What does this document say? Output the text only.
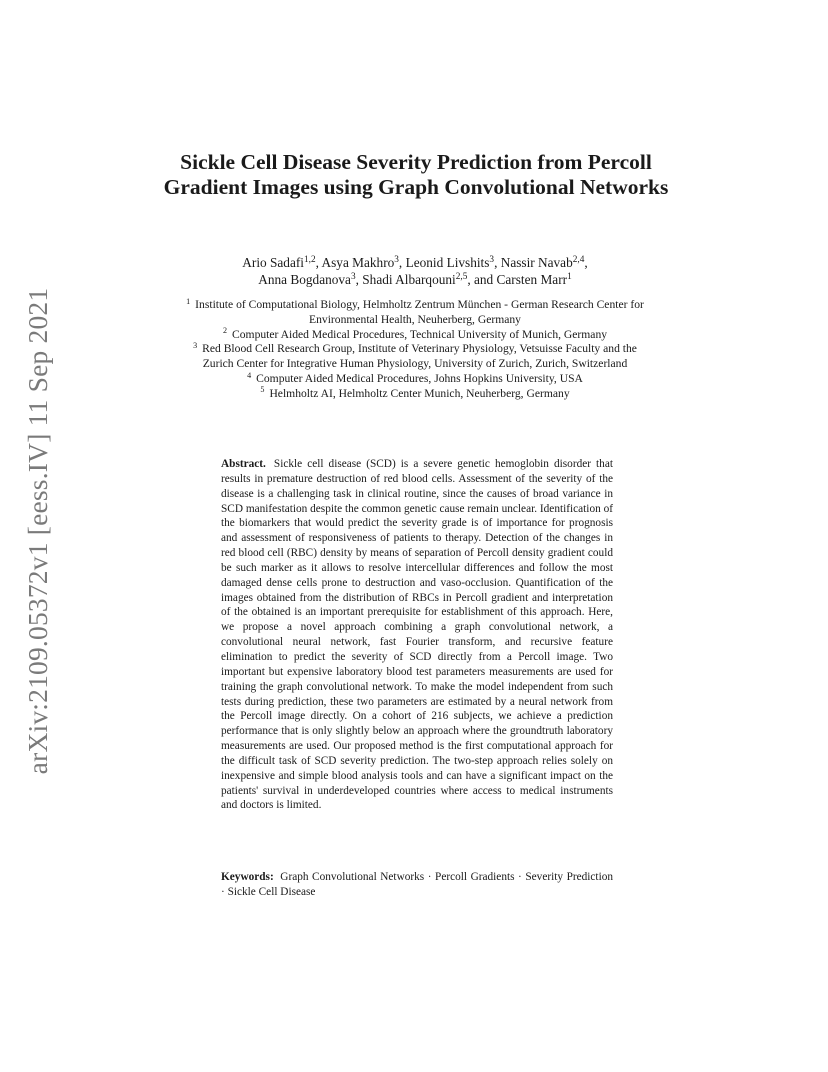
arXiv:2109.05372v1 [eess.IV] 11 Sep 2021
Sickle Cell Disease Severity Prediction from Percoll Gradient Images using Graph Convolutional Networks
Ario Sadafi$^{1,2}$, Asya Makhro$^3$, Leonid Livshits$^3$, Nassir Navab$^{2,4}$,
Anna Bogdanova$^3$, Shadi Albarqouni$^{2,5}$, and Carsten Marr$^1$
$^1$ Institute of Computational Biology, Helmholtz Zentrum München - German Research Center for Environmental Health, Neuherberg, Germany
$^2$ Computer Aided Medical Procedures, Technical University of Munich, Germany
$^3$ Red Blood Cell Research Group, Institute of Veterinary Physiology, Vetsuisse Faculty and the Zurich Center for Integrative Human Physiology, University of Zurich, Zurich, Switzerland
$^4$ Computer Aided Medical Procedures, Johns Hopkins University, USA
$^5$ Helmholtz AI, Helmholtz Center Munich, Neuherberg, Germany
Abstract. Sickle cell disease (SCD) is a severe genetic hemoglobin disorder that results in premature destruction of red blood cells. Assessment of the severity of the disease is a challenging task in clinical routine, since the causes of broad variance in SCD manifestation despite the common genetic cause remain unclear. Identification of the biomarkers that would predict the severity grade is of importance for prognosis and assessment of responsiveness of patients to therapy. Detection of the changes in red blood cell (RBC) density by means of separation of Percoll density gradient could be such marker as it allows to resolve intercellular differences and follow the most damaged dense cells prone to destruction and vaso-occlusion. Quantification of the images obtained from the distribution of RBCs in Percoll gradient and interpretation of the obtained is an important prerequisite for establishment of this approach. Here, we propose a novel approach combining a graph convolutional network, a convolutional neural network, fast Fourier transform, and recursive feature elimination to predict the severity of SCD directly from a Percoll image. Two important but expensive laboratory blood test parameters measurements are used for training the graph convolutional network. To make the model independent from such tests during prediction, these two parameters are estimated by a neural network from the Percoll image directly. On a cohort of 216 subjects, we achieve a prediction performance that is only slightly below an approach where the groundtruth laboratory measurements are used. Our proposed method is the first computational approach for the difficult task of SCD severity prediction. The two-step approach relies solely on inexpensive and simple blood analysis tools and can have a significant impact on the patients' survival in underdeveloped countries where access to medical instruments and doctors is limited.
Keywords: Graph Convolutional Networks · Percoll Gradients · Severity Prediction · Sickle Cell Disease
